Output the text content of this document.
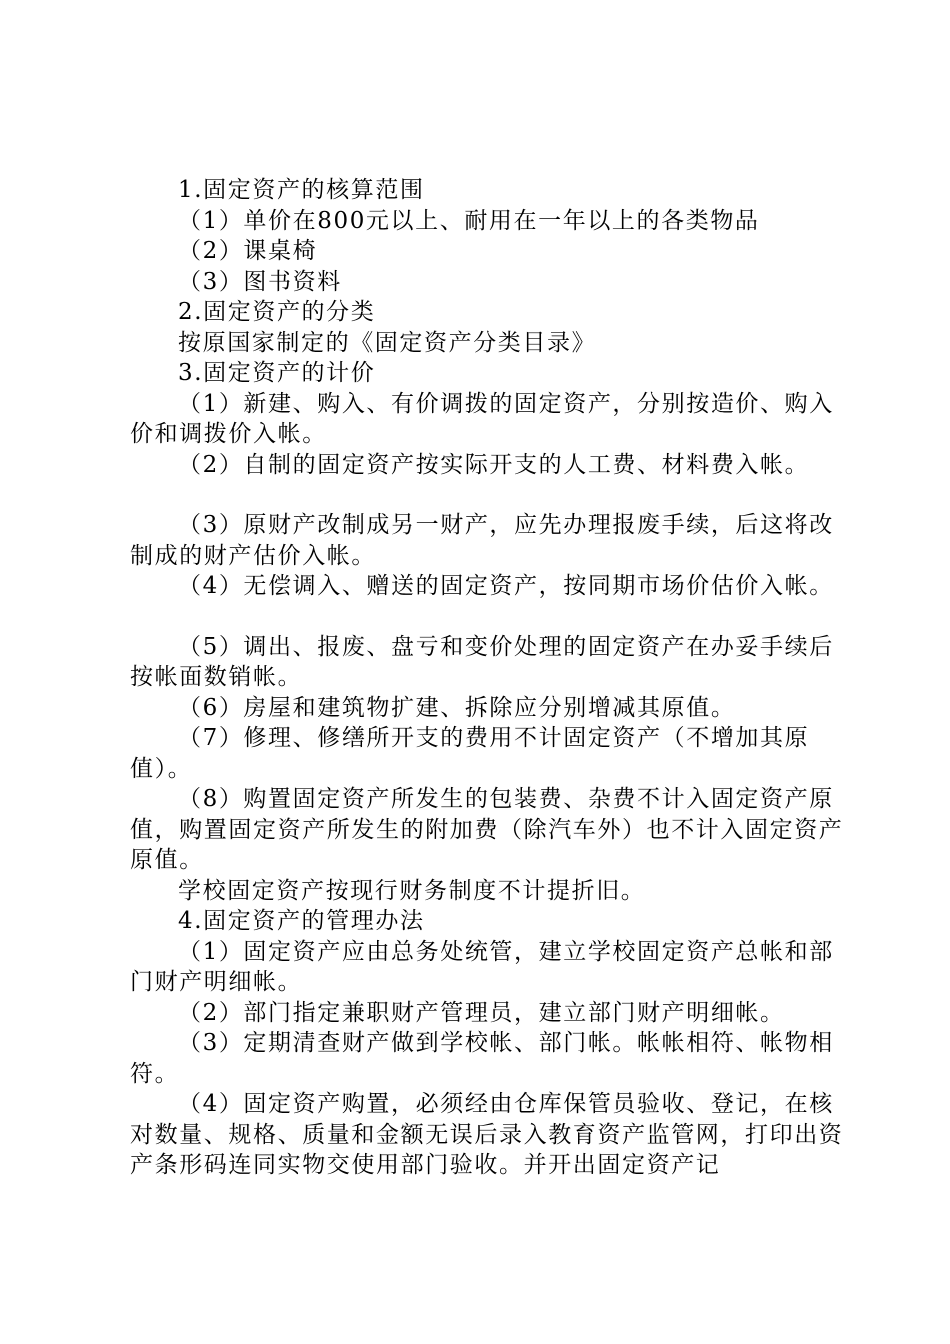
1.固定资产的核算范围

（1）单价在800元以上、耐用在一年以上的各类物品

（2）课桌椅

（3）图书资料

2.固定资产的分类

按原国家制定的《固定资产分类目录》

3.固定资产的计价

（1）新建、购入、有价调拨的固定资产，分别按造价、购入价和调拨价入帐。

（2）自制的固定资产按实际开支的人工费、材料费入帐。

（3）原财产改制成另一财产，应先办理报废手续，后这将改制成的财产估价入帐。

（4）无偿调入、赠送的固定资产，按同期市场价估价入帐。

（5）调出、报废、盘亏和变价处理的固定资产在办妥手续后按帐面数销帐。

（6）房屋和建筑物扩建、拆除应分别增减其原值。

（7）修理、修缮所开支的费用不计固定资产（不增加其原值）。

（8）购置固定资产所发生的包装费、杂费不计入固定资产原值，购置固定资产所发生的附加费（除汽车外）也不计入固定资产原值。

学校固定资产按现行财务制度不计提折旧。

4.固定资产的管理办法

（1）固定资产应由总务处统管，建立学校固定资产总帐和部门财产明细帐。

（2）部门指定兼职财产管理员，建立部门财产明细帐。

（3）定期清查财产做到学校帐、部门帐。帐帐相符、帐物相符。

（4）固定资产购置，必须经由仓库保管员验收、登记，在核对数量、规格、质量和金额无误后录入教育资产监管网，打印出资产条形码连同实物交使用部门验收。并开出固定资产记
